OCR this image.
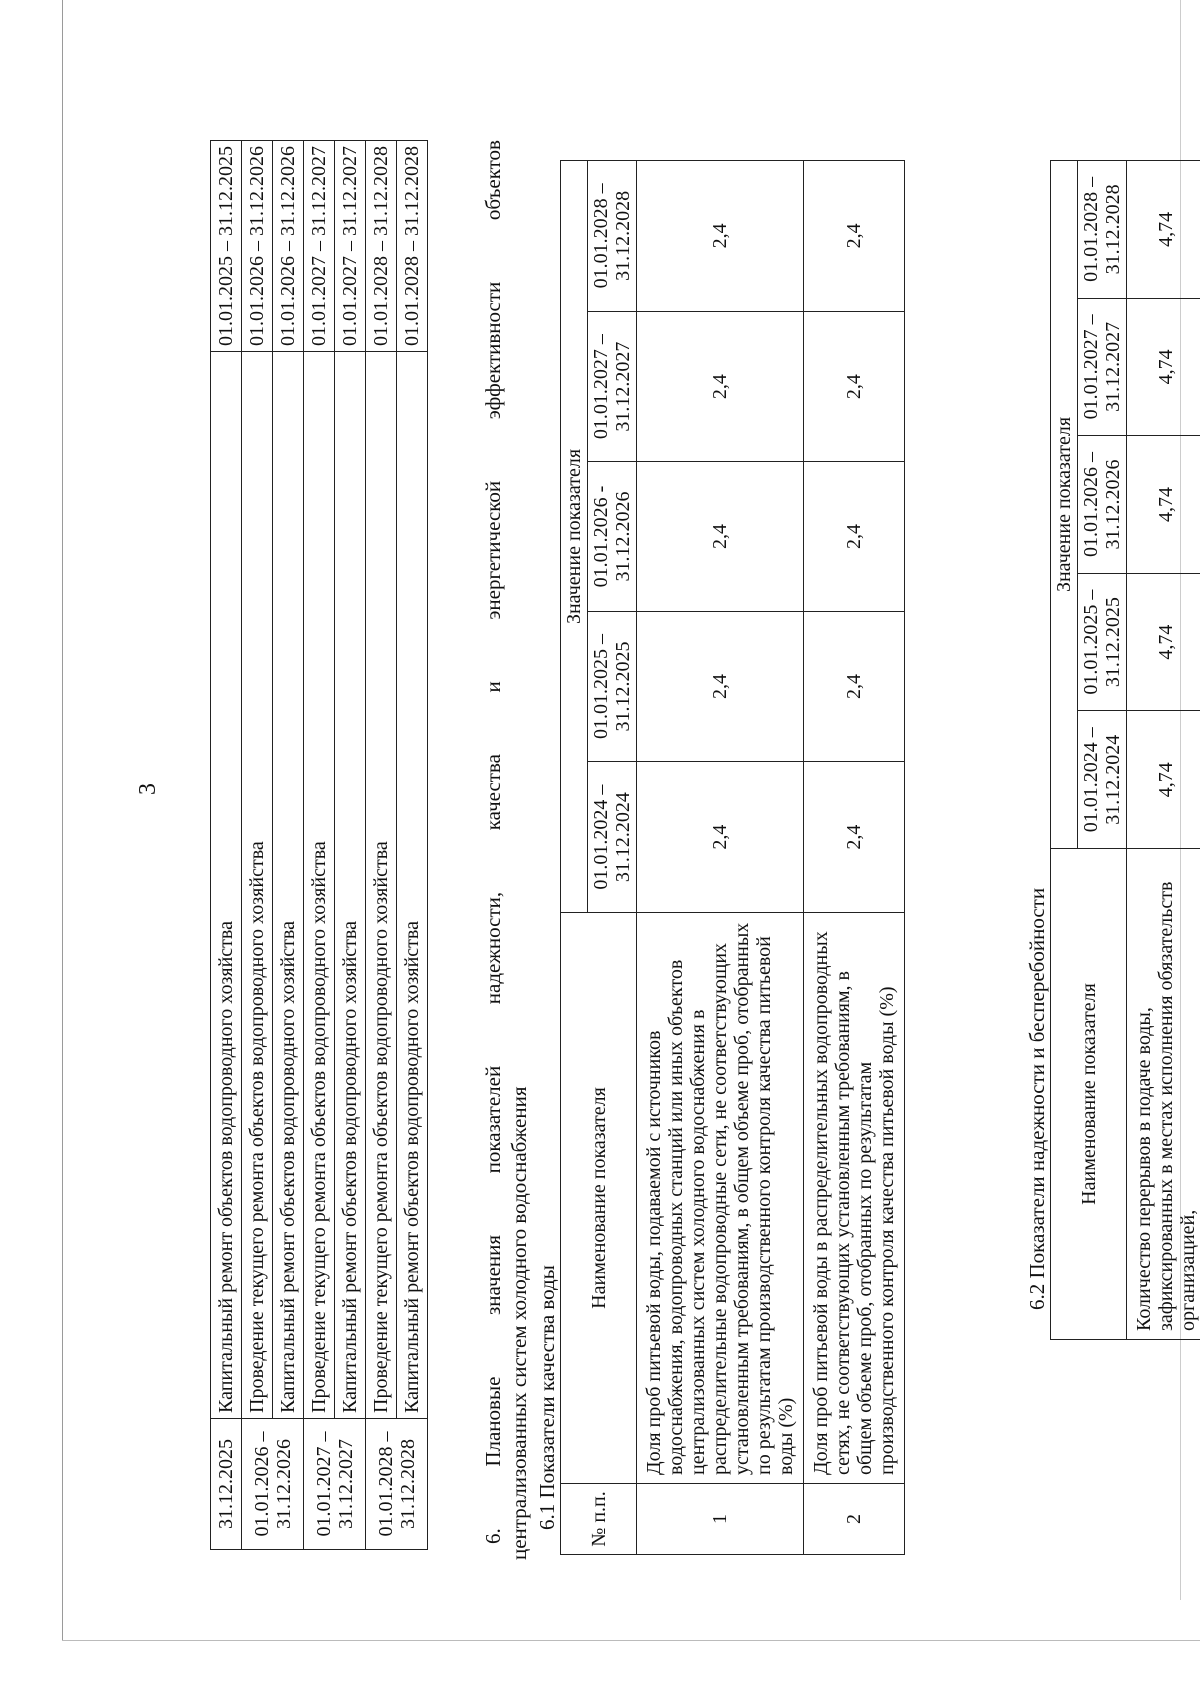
3
31.12.2025	Капитальный ремонт объектов водопроводного хозяйства	01.01.2025 – 31.12.2025
01.01.2026 – 31.12.2026	Проведение текущего ремонта объектов водопроводного хозяйства	01.01.2026 – 31.12.2026
	Капитальный ремонт объектов водопроводного хозяйства	01.01.2026 – 31.12.2026
01.01.2027 – 31.12.2027	Проведение текущего ремонта объектов водопроводного хозяйства	01.01.2027 – 31.12.2027
	Капитальный ремонт объектов водопроводного хозяйства	01.01.2027 – 31.12.2027
01.01.2028 – 31.12.2028	Проведение текущего ремонта объектов водопроводного хозяйства	01.01.2028 – 31.12.2028
	Капитальный ремонт объектов водопроводного хозяйства	01.01.2028 – 31.12.2028
6.
Плановые
значения
показателей
надежности,
качества
и
энергетической
эффективности
объектов
централизованных систем холодного водоснабжения 6.1 Показатели качества воды № п.п.	Наименование показателя	Значение показателя				
		01.01.2024 – 31.12.2024	01.01.2025 – 31.12.2025	01.01.2026 - 31.12.2026	01.01.2027 – 31.12.2027	01.01.2028 – 31.12.2028
1	Доля проб питьевой воды, подаваемой с источников водоснабжения, водопроводных станций или иных объектов централизованных систем холодного водоснабжения в распределительные водопроводные сети, не соответствующих установленным требованиям, в общем объеме проб, отобранных по результатам производственного контроля качества питьевой воды (%)	2,4	2,4	2,4	2,4	2,4
2	Доля проб питьевой воды в распределительных водопроводных сетях, не соответствующих установленным требованиям, в общем объеме проб, отобранных по результатам производственного контроля качества питьевой воды (%)	2,4	2,4	2,4	2,4	2,4
6.2 Показатели надежности и бесперебойности Наименование показателя	Значение показателя				
	01.01.2024 – 31.12.2024	01.01.2025 – 31.12.2025	01.01.2026 – 31.12.2026	01.01.2027 – 31.12.2027	01.01.2028 – 31.12.2028
Количество перерывов в подаче воды, зафиксированных в местах исполнения обязательств организацией,	4,74	4,74	4,74	4,74	4,74
